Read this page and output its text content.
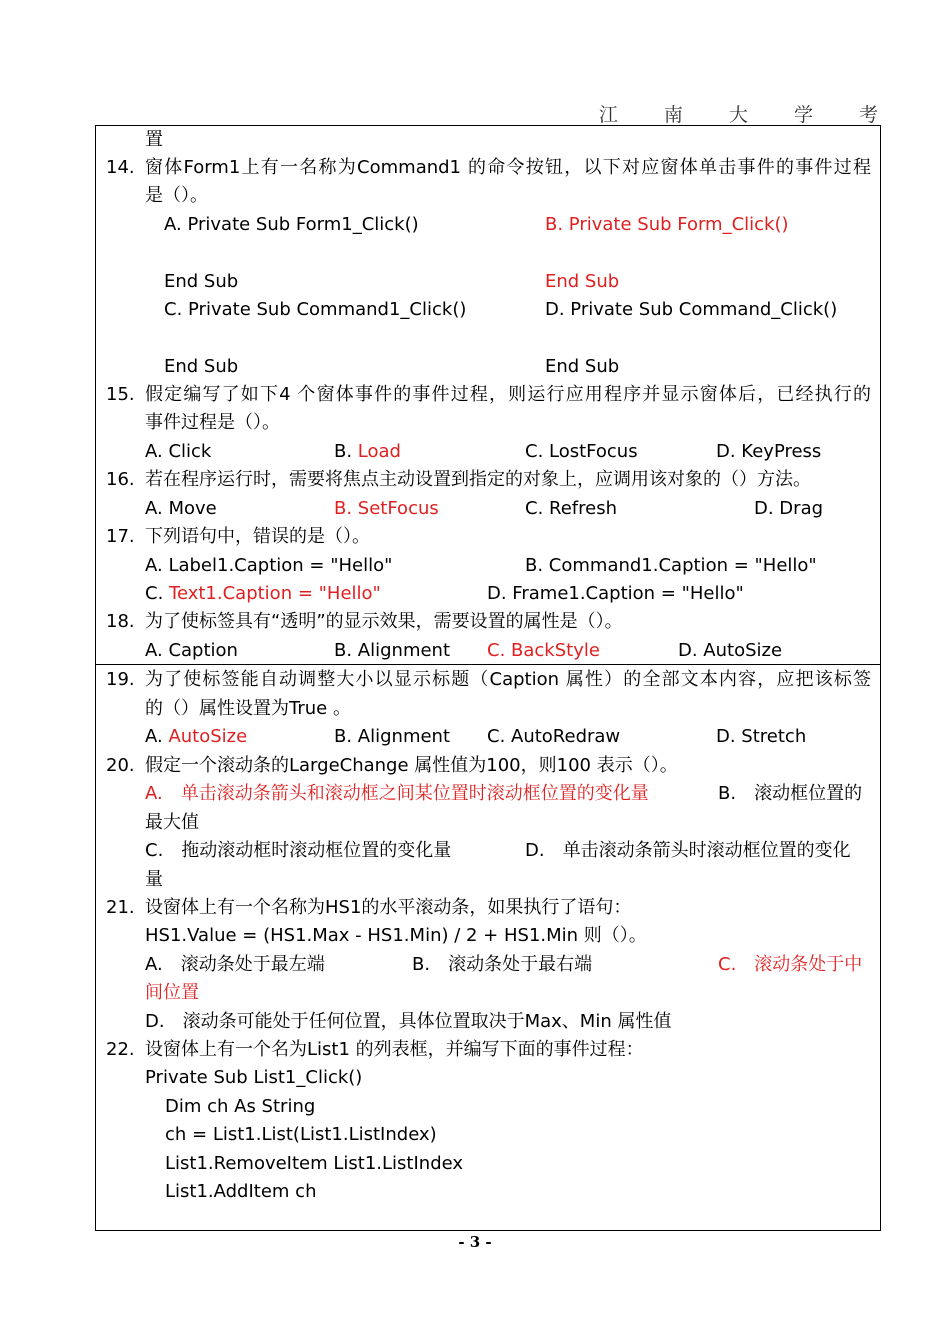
江 南 大 学 考
置
14. 窗体Form1上有一名称为Command1 的命令按钮，以下对应窗体单击事件的事件过程
是（）。
A. Private Sub Form1_Click()	B. Private Sub Form_Click()
End Sub	End Sub
C. Private Sub Command1_Click()	D. Private Sub Command_Click()
End Sub	End Sub
15. 假定编写了如下4 个窗体事件的事件过程，则运行应用程序并显示窗体后，已经执行的
事件过程是（）。
A. Click	B. Load	C. LostFocus	D. KeyPress
16. 若在程序运行时，需要将焦点主动设置到指定的对象上，应调用该对象的（）方法。
A. Move	B. SetFocus	C. Refresh	D. Drag
17. 下列语句中，错误的是（）。
A. Label1.Caption = "Hello"	B. Command1.Caption = "Hello"
C. Text1.Caption = "Hello"	D. Frame1.Caption = "Hello"
18. 为了使标签具有“透明”的显示效果，需要设置的属性是（）。
A. Caption	B. Alignment C. BackStyle	D. AutoSize
19. 为了使标签能自动调整大小以显示标题（Caption 属性）的全部文本内容，应把该标签
的（）属性设置为True 。
A. AutoSize	B. Alignment C. AutoRedraw	D. Stretch
20. 假定一个滚动条的LargeChange 属性值为100，则100 表示（）。
A.　单击滚动条箭头和滚动框之间某位置时滚动框位置的变化量	B.　滚动框位置的
最大值
C.　拖动滚动框时滚动框位置的变化量	D.　单击滚动条箭头时滚动框位置的变化
量
21. 设窗体上有一个名称为HS1的水平滚动条，如果执行了语句：
HS1.Value = (HS1.Max - HS1.Min) / 2 + HS1.Min 则（）。
A.　滚动条处于最左端	B.　滚动条处于最右端	C.　滚动条处于中
间位置
D.　滚动条可能处于任何位置，具体位置取决于Max、Min 属性值
22. 设窗体上有一个名为List1 的列表框，并编写下面的事件过程：
Private Sub List1_Click()
Dim ch As String
ch = List1.List(List1.ListIndex)
List1.RemoveItem List1.ListIndex
List1.AddItem ch
- 3 -
